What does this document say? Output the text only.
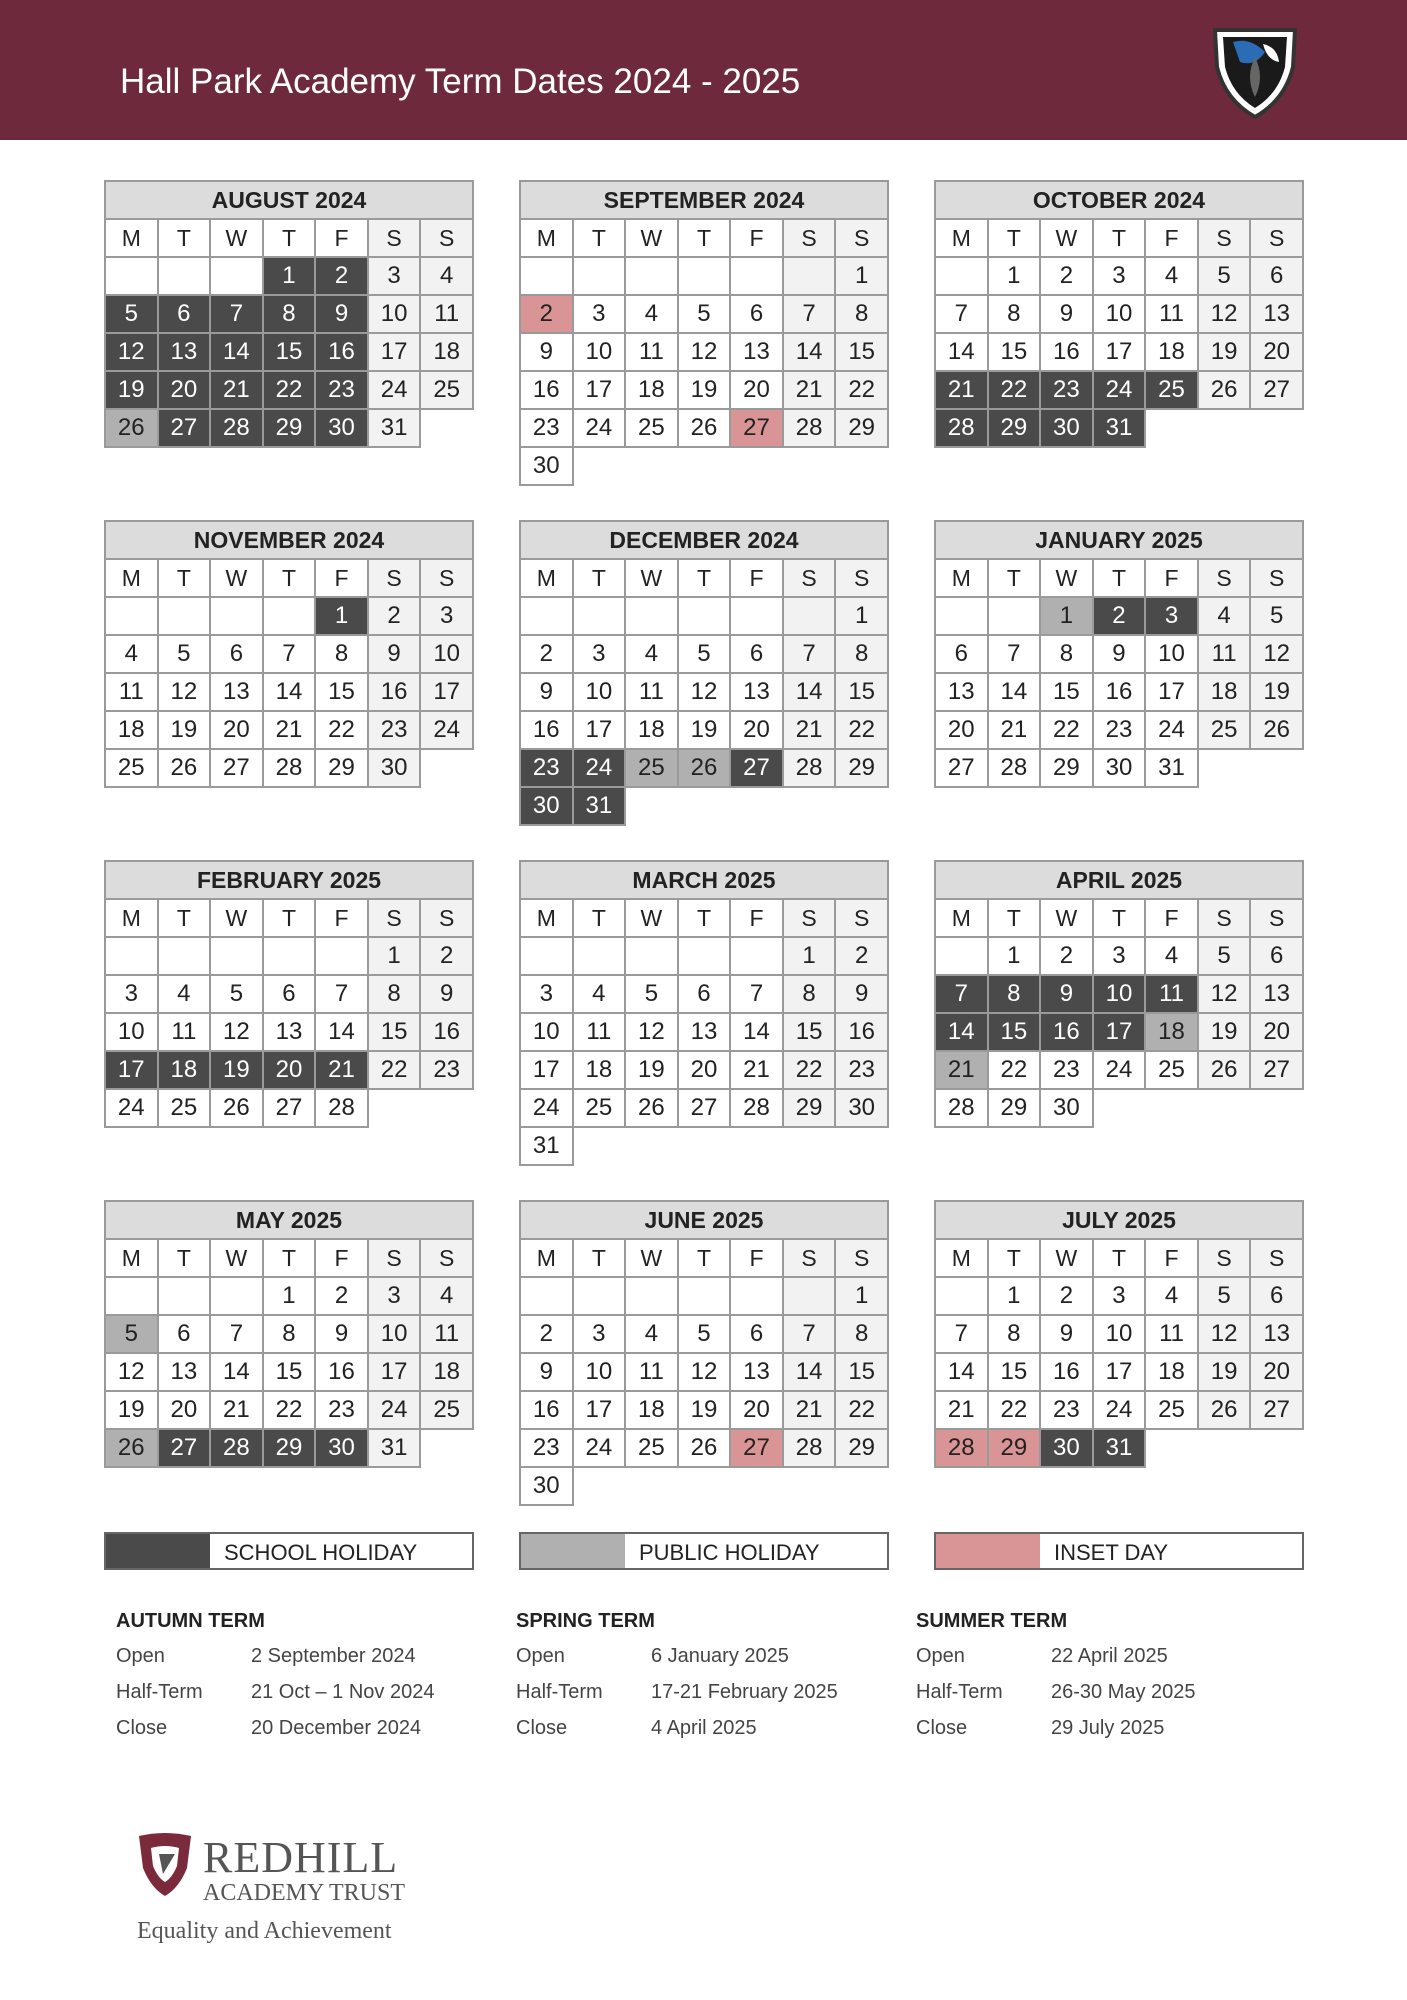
Hall Park Academy Term Dates 2024 - 2025
AUGUST 2024						
M	T	W	T	F	S	S
			1	2	3	4
5	6	7	8	9	10	11
12	13	14	15	16	17	18
19	20	21	22	23	24	25
26	27	28	29	30	31	
SEPTEMBER 2024						
M	T	W	T	F	S	S
						1
2	3	4	5	6	7	8
9	10	11	12	13	14	15
16	17	18	19	20	21	22
23	24	25	26	27	28	29
30						
OCTOBER 2024						
M	T	W	T	F	S	S
	1	2	3	4	5	6
7	8	9	10	11	12	13
14	15	16	17	18	19	20
21	22	23	24	25	26	27
28	29	30	31			
NOVEMBER 2024						
M	T	W	T	F	S	S
				1	2	3
4	5	6	7	8	9	10
11	12	13	14	15	16	17
18	19	20	21	22	23	24
25	26	27	28	29	30	
DECEMBER 2024						
M	T	W	T	F	S	S
						1
2	3	4	5	6	7	8
9	10	11	12	13	14	15
16	17	18	19	20	21	22
23	24	25	26	27	28	29
30	31					
JANUARY 2025						
M	T	W	T	F	S	S
		1	2	3	4	5
6	7	8	9	10	11	12
13	14	15	16	17	18	19
20	21	22	23	24	25	26
27	28	29	30	31		
FEBRUARY 2025						
M	T	W	T	F	S	S
					1	2
3	4	5	6	7	8	9
10	11	12	13	14	15	16
17	18	19	20	21	22	23
24	25	26	27	28		
MARCH 2025						
M	T	W	T	F	S	S
					1	2
3	4	5	6	7	8	9
10	11	12	13	14	15	16
17	18	19	20	21	22	23
24	25	26	27	28	29	30
31						
APRIL 2025						
M	T	W	T	F	S	S
	1	2	3	4	5	6
7	8	9	10	11	12	13
14	15	16	17	18	19	20
21	22	23	24	25	26	27
28	29	30				
MAY 2025						
M	T	W	T	F	S	S
			1	2	3	4
5	6	7	8	9	10	11
12	13	14	15	16	17	18
19	20	21	22	23	24	25
26	27	28	29	30	31	
JUNE 2025						
M	T	W	T	F	S	S
						1
2	3	4	5	6	7	8
9	10	11	12	13	14	15
16	17	18	19	20	21	22
23	24	25	26	27	28	29
30						
JULY 2025						
M	T	W	T	F	S	S
	1	2	3	4	5	6
7	8	9	10	11	12	13
14	15	16	17	18	19	20
21	22	23	24	25	26	27
28	29	30	31			
SCHOOL HOLIDAY	PUBLIC HOLIDAY	INSET DAY
AUTUMN TERM
Open	2 September 2024
Half-Term	21 Oct – 1 Nov 2024
Close	20 December 2024
SPRING TERM
Open	6 January 2025
Half-Term	17-21 February 2025
Close	4 April 2025
SUMMER TERM
Open	22 April 2025
Half-Term	26-30 May 2025
Close	29 July 2025
REDHILL
ACADEMY TRUST
Equality and Achievement
